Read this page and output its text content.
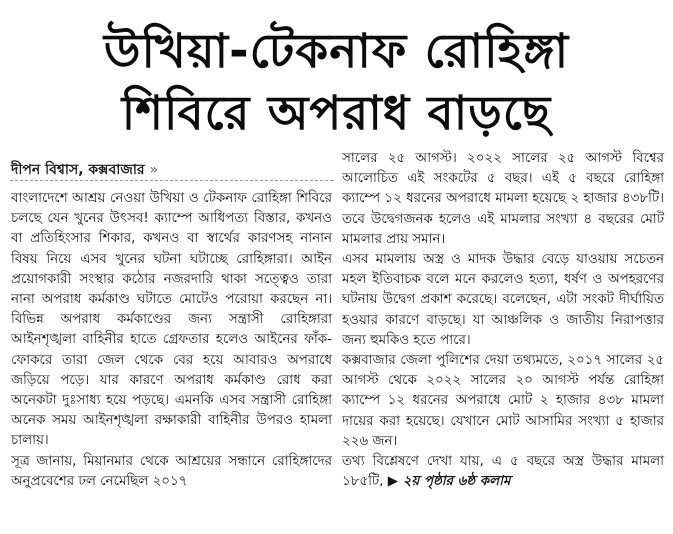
উখিয়া-টেকনাফ রোহিঙ্গা
শিবিরে অপরাধ বাড়ছে
দীপন বিশ্বাস, কক্সবাজার »

বাংলাদেশে আশ্রয় নেওয়া উখিয়া ও টেকনাফ রোহিঙ্গা শিবিরে চলছে যেন খুনের উৎসব! ক্যাম্পে আধিপত্য বিস্তার, কখনও বা প্রতিহিংসার শিকার, কখনও বা স্বার্থের কারণসহ নানান বিষয় নিয়ে এসব খুনের ঘটনা ঘটাচ্ছে রোহিঙ্গারা। আইন প্রয়োগকারী সংস্থার কঠোর নজরদারি থাকা সত্ত্বেও তারা নানা অপরাধ কর্মকাণ্ড ঘটাতে মোটেও পরোয়া করছেন না। বিভিন্ন অপরাধ কর্মকাণ্ডের জন্য সন্ত্রাসী রোহিঙ্গারা আইনশৃঙ্খলা বাহিনীর হাতে গ্রেফতার হলেও আইনের ফাঁক-ফোকরে তারা জেল থেকে বের হয়ে আবারও অপরাধে জড়িয়ে পড়ে। যার কারণে অপরাধ কর্মকাণ্ড রোধ করা অনেকটা দুঃসাধ্য হয়ে পড়ছে। এমনকি এসব সন্ত্রাসী রোহিঙ্গা অনেক সময় আইনশৃঙ্খলা রক্ষাকারী বাহিনীর উপরও হামলা চালায়।

সূত্র জানায়, মিয়ানমার থেকে আশ্রয়ের সন্ধানে রোহিঙ্গাদের অনুপ্রবেশের ঢল নেমেছিল ২০১৭

সালের ২৫ আগস্ট। ২০২২ সালের ২৫ আগস্ট বিশ্বের আলোচিত এই সংকটের ৫ বছর। এই ৫ বছরে রোহিঙ্গা ক্যাম্পে ১২ ধরনের অপরাধে মামলা হয়েছে ২ হাজার ৪৩৮টি। তবে উদ্বেগজনক হলেও এই মামলার সংখ্যা ৪ বছরের মোট মামলার প্রায় সমান।

এসব মামলায় অস্ত্র ও মাদক উদ্ধার বেড়ে যাওয়ায় সচেতন মহল ইতিবাচক বলে মনে করলেও হত্যা, ধর্ষণ ও অপহরণের ঘটনায় উদ্বেগ প্রকাশ করেছে। বলেছেন, এটা সংকট দীর্ঘায়িত হওয়ার কারণে বাড়ছে। যা আঞ্চলিক ও জাতীয় নিরাপত্তার জন্য হুমকিও হতে পারে।

কক্সবাজার জেলা পুলিশের দেয়া তথ্যমতে, ২০১৭ সালের ২৫ আগস্ট থেকে ২০২২ সালের ২০ আগস্ট পর্যন্ত রোহিঙ্গা ক্যাম্পে ১২ ধরনের অপরাধে মোট ২ হাজার ৪৩৮ মামলা দায়ের করা হয়েছে। যেখানে মোট আসামির সংখ্যা ৫ হাজার ২২৬ জন।

তথ্য বিশ্লেষণে দেখা যায়, এ ৫ বছরে অস্ত্র উদ্ধার মামলা ১৮৫টি, ▶ ২য় পৃষ্ঠার ৬ষ্ঠ কলাম
